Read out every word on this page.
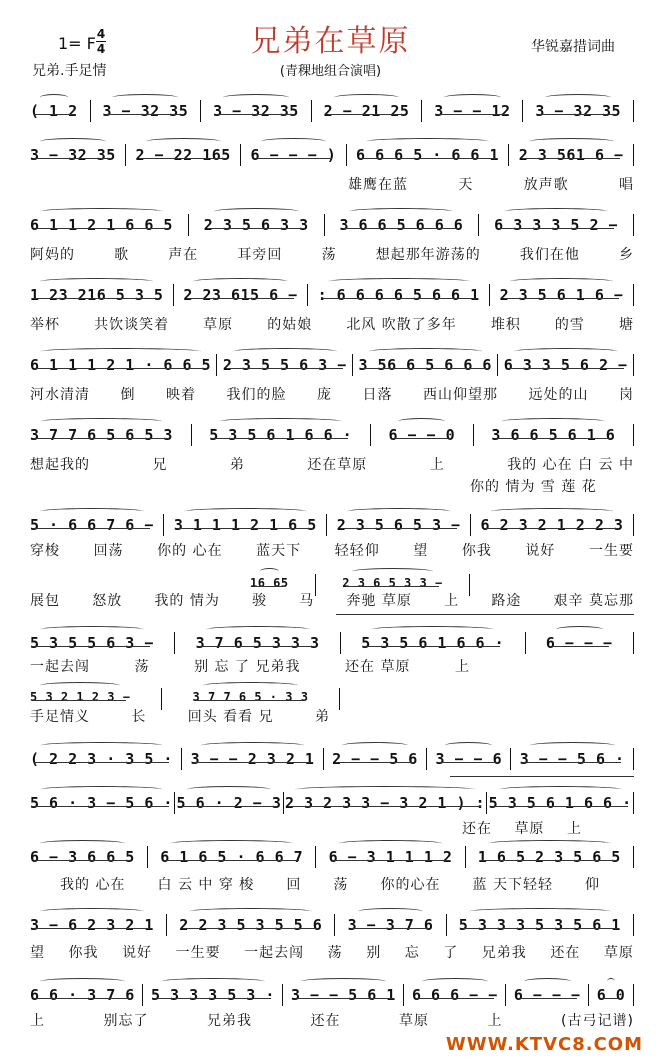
兄弟在草原
1= F 4
4	华锐嘉措词曲
兄弟.手足情	(青稞地组合演唱)
( 1 2 3 − 32 35 3 − 32 35 2 − 21 25 3 − − 12 3 − 32 35
3 − 32 35 2 − 22 165 6 − − − ) 6 6 6 5 · 6 6 1 2 3 561 6 −
雄鹰在蓝	天	放声歌	唱
6 1 1 2 1 6 6 5 2 3 5 6 3 3 3 6 6 5 6 6 6 6 3 3 3 5 2 −
阿妈的	歌	声在	耳旁回	荡	想起那年游荡的	我们在他	乡
1 23 216 5 3 5 2 23 615 6 − : 6 6 6 6 5 6 6 1 2 3 5 6 1 6 −
举杯 共饮谈笑着 草原 的姑娘 北风 吹散了多年 堆积 的雪 塘
6 1 1 1 2 1 · 6 6 5 2 3 5 5 6 3 − 3 56 6 5 6 6 6 6 3 3 5 6 2 −
河水清清 倒 映着 我们的脸 庞 日落 西山仰望那 远处的山 岗
3 7 7 6 5 6 5 3 5 3 5 6 1 6 6 · 6 − − 0 3 6 6 5 6 1 6
想起我的	兄	弟	还在草原	上	我的 心在 白 云 中
你的 情为 雪 莲 花
5 · 6 6 7 6 − 3 1 1 1 2 1 6 5 2 3 5 6 5 3 − 6 2 3 2 1 2 2 3
穿梭 回荡 你的 心在 蓝天下 轻轻仰 望 你我 说好 一生要
16 65	2 3 6 5 3 3 −
展包 怒放 我的 情为 骏 马 奔驰 草原 上 路途 艰辛 莫忘那
5 3 5 5 6 3 −	3 7 6 5 3 3 3	5 3 5 6 1 6 6 ·	6 − − −
一起去闯	荡	别 忘 了 兄弟我	还在 草原	上
5 3 2 1 2 3 −	3 7 7 6 5 · 3 3
手足情义	长	回头 看看 兄	弟
( 2 2 3 · 3 5 · 3 − − 2 3 2 1 2 − − 5 6 3 − − 6 3 − − 5 6 ·
5 6 · 3 − 5 6 · 5 6 · 2 − 3 2 3 2 3 3 − 3 2 1 ) : 5 3 5 6 1 6 6 ·
还在 草原 上
6 − 3 6 6 5 6 1 6 5 · 6 6 7 6 − 3 1 1 1 2 1 6 5 2 3 5 6 5
我的 心在 白 云 中 穿 梭 回 荡 你的心在 蓝 天下轻轻 仰
3 − 6 2 3 2 1 2 2 3 5 3 5 5 6 3 − 3 7 6 5 3 3 3 5 3 5 6 1
望 你我 说好 一生要 一起去闯 荡 别 忘 了 兄弟我 还在 草原
6 6 · 3 7 6 5 3 3 3 5 3 · 3 − − 5 6 1 6 6 6 − − 6 − − − 6 0
上	别忘了	兄弟我	还在	草原	上	(古弓记谱)
WWW.KTVC8.COM
